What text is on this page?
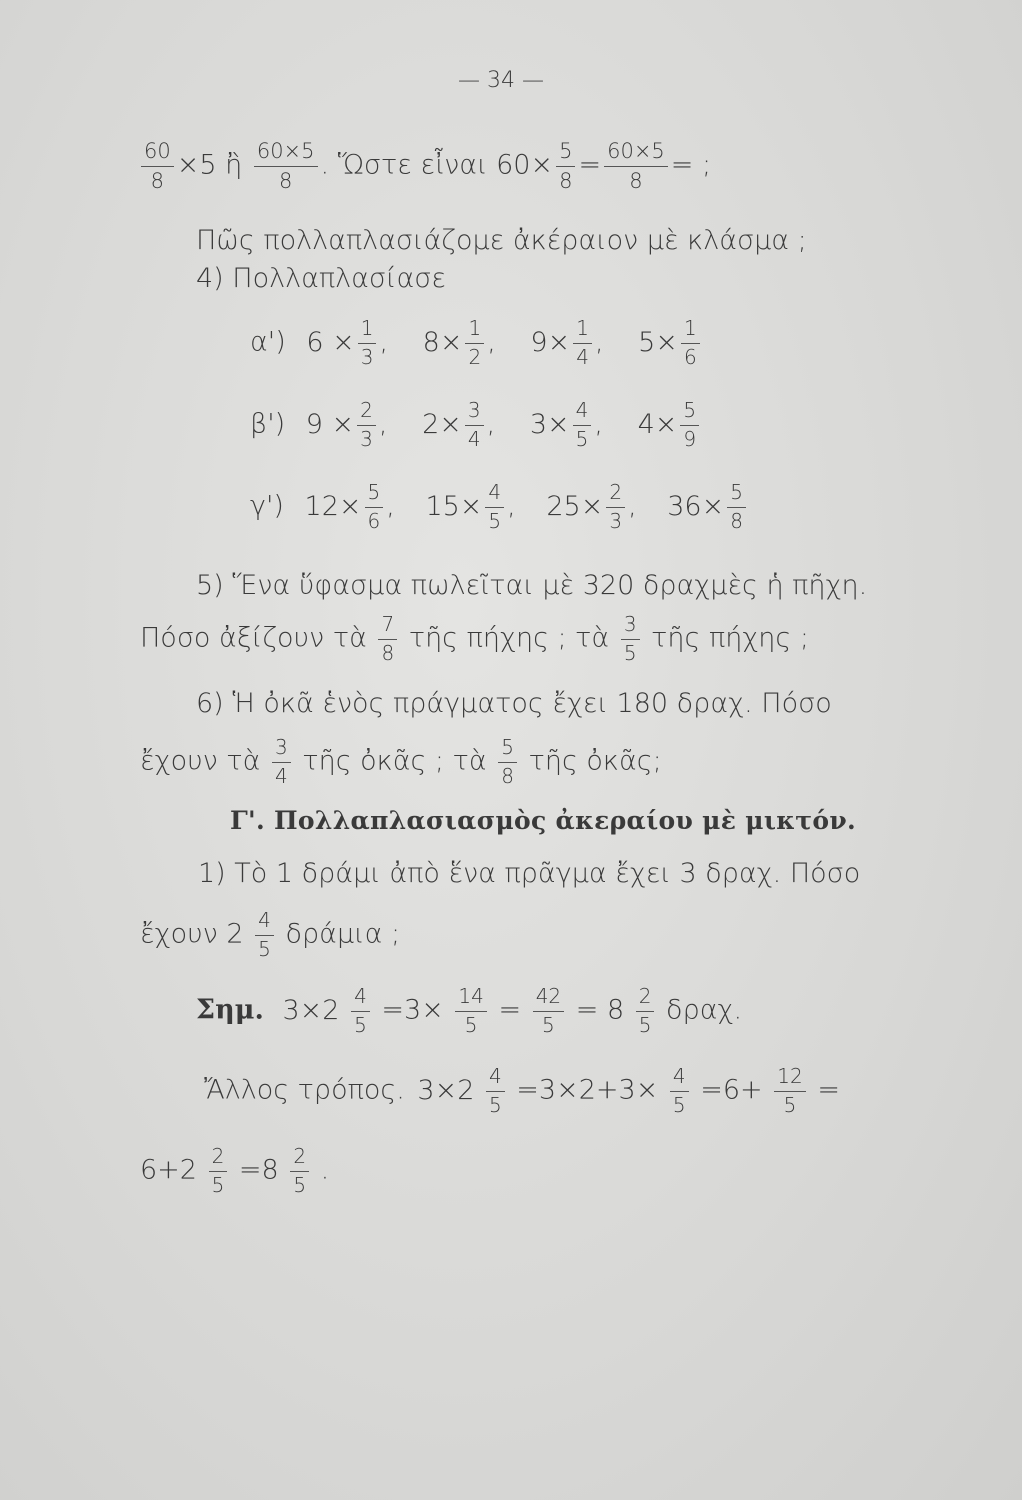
— 34 —
$\frac{60}{8} \times 5$ ἢ $\frac{60\times 5}{8}$ . Ὥστε εἶναι $60\times \frac{5}{8} = \frac{60\times 5}{8}$ = ;
Πῶς πολλαπλασιάζομε ἀκέραιον μὲ κλάσμα ;
4) Πολλαπλασίασε
α') $6 \times \frac{1}{3}$ , $8\times \frac{1}{2}$ , $9\times \frac{1}{4}$ , $5\times \frac{1}{6}$
β') $9 \times \frac{2}{3}$ , $2\times \frac{3}{4}$ , $3\times \frac{4}{5}$ , $4\times \frac{5}{9}$
γ') $12\times \frac{5}{6}$ , $15\times \frac{4}{5}$ , $25\times \frac{2}{3}$ , $36\times \frac{5}{8}$
5) Ἕνα ὕφασμα πωλεῖται μὲ 320 δραχμὲς ἡ πῆχη.
Πόσο ἀξίζουν τὰ $\frac{7}{8}$ τῆς πήχης ; τὰ $\frac{3}{5}$ τῆς πήχης ;
6) Ἡ ὀκᾶ ἑνὸς πράγματος ἔχει 180 δραχ. Πόσο
ἔχουν τὰ $\frac{3}{4}$ τῆς ὀκᾶς ; τὰ $\frac{5}{8}$ τῆς ὀκᾶς;
Γ'. Πολλαπλασιασμὸς ἀκεραίου μὲ μικτόν.
1) Τὸ 1 δράμι ἀπὸ ἕνα πρᾶγμα ἔχει 3 δραχ. Πόσο
ἔχουν $2 \frac{4}{5}$ δράμια ;
Σημ. $3\times 2 \frac{4}{5} =3\times \frac{14}{5} = \frac{42}{5} = 8 \frac{2}{5} \delta\rho\alpha\chi$.
Ἄλλος τρόπος. $3\times 2 \frac{4}{5} =3\times 2+3\times \frac{4}{5} =6+ \frac{12}{5}$ =
$6+2 \frac{2}{5} =8 \frac{2}{5}$ .
